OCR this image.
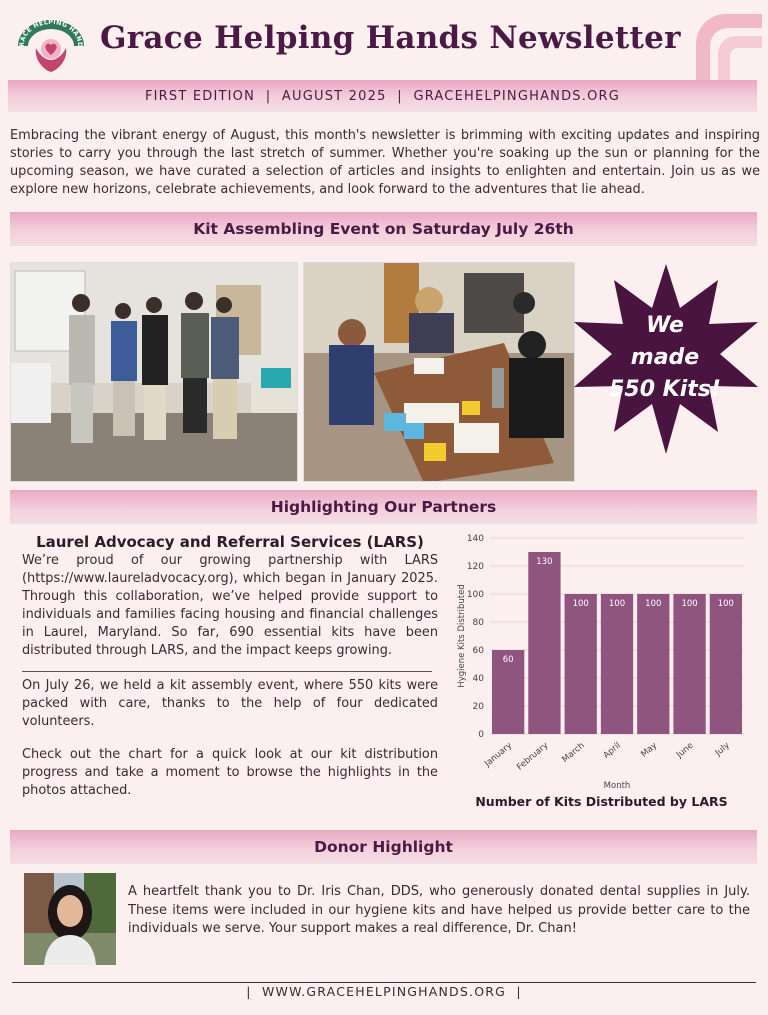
RACE HELPING HAND Grace Helping Hands Newsletter
FIRST EDITION  |  AUGUST 2025  |  GRACEHELPINGHANDS.ORG
Embracing the vibrant energy of August, this month's newsletter is brimming with exciting updates and inspiring stories to carry you through the last stretch of summer. Whether you're soaking up the sun or planning for the upcoming season, we have curated a selection of articles and insights to enlighten and entertain. Join us as we explore new horizons, celebrate achievements, and look forward to the adventures that lie ahead.
Kit Assembling Event on Saturday July 26th
We
made
550 Kits!
Highlighting Our Partners
Laurel Advocacy and Referral Services (LARS)
We’re proud of our growing partnership with LARS (https://www.laureladvocacy.org), which began in January 2025. Through this collaboration, we’ve helped provide support to individuals and families facing housing and financial challenges in Laurel, Maryland. So far, 690 essential kits have been distributed through LARS, and the impact keeps growing.
On July 26, we held a kit assembly event, where 550 kits were packed with care, thanks to the help of four dedicated volunteers.
Check out the chart for a quick look at our kit distribution progress and take a moment to browse the highlights in the photos attached.
0
20
40
60
80
100
120
140
60
January
130
February
100
March
100
April
100
May
100
June
100
July
Month
Hygiene Kits Distributed
Number of Kits Distributed by LARS
Donor Highlight
A heartfelt thank you to Dr. Iris Chan, DDS, who generously donated dental supplies in July. These items were included in our hygiene kits and have helped us provide better care to the individuals we serve. Your support makes a real difference, Dr. Chan!
|  WWW.GRACEHELPINGHANDS.ORG  |
